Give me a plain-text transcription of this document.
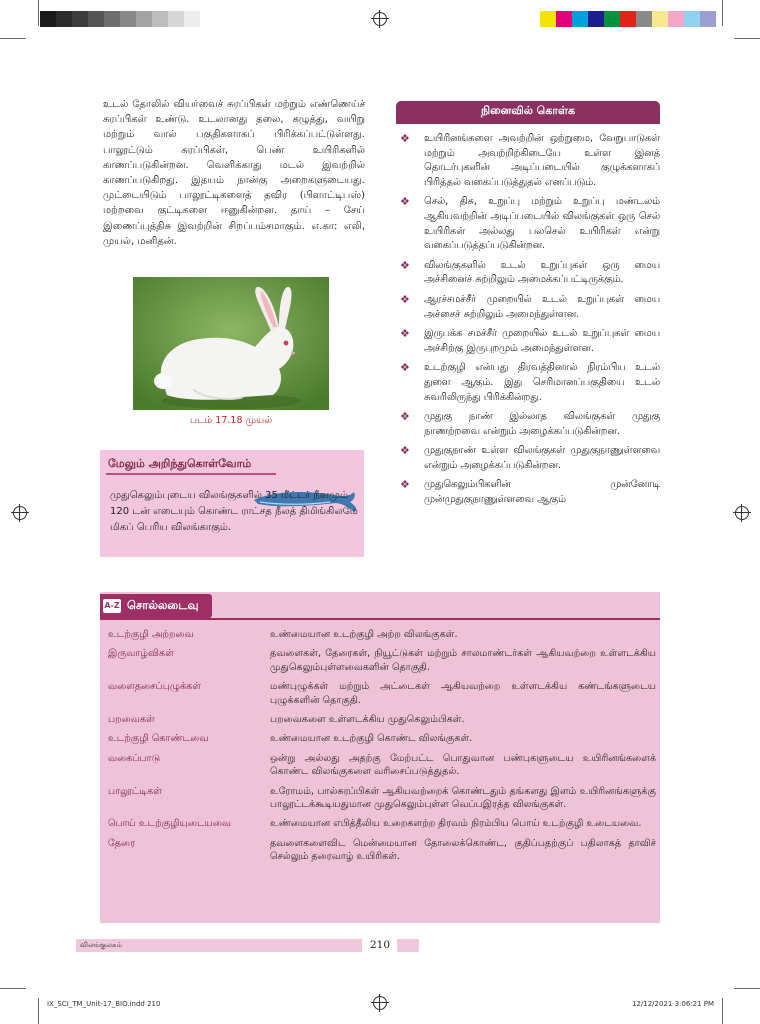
உடல் தோலில் வியர்வைச் சுரப்பிகள் மற்றும் எண்ணெய்ச் சுரப்பிகள் உண்டு. உடலானது தலை, கழுத்து, வயிறு மற்றும் வால் பகுதிகளாகப் பிரிக்கப்பட்டுள்ளது. பாலூட்டும் சுரப்பிகள், பெண் உயிரிகளில் காணப்படுகின்றன. வெளிக்காது மடல் இவற்றில் காணப்படுகிறது. இதயம் நான்கு அறைகளுடையது. முட்டையிடும் பாலூட்டிகளைத் தவிர (பிளாட்டிபஸ்) மற்றவை குட்டிகளை ஈனுகின்றன. தாய் – சேய் இணைப்புத்திசு இவற்றின் சிறப்பம்சமாகும். எ.கா: எலி, முயல், மனிதன்.
படம் 17.18 முயல்
மேலும் அறிந்துகொள்வோம்
முதுகெலும்புடைய விலங்குகளில் 35 மீட்டர் நீளமும் 120 டன் எடையும் கொண்ட ராட்சத நீலத் திமிங்கிலமே மிகப் பெரிய விலங்காகும்.
நினைவில் கொள்க
❖ உயிரினங்களை அவற்றின் ஒற்றுமை, வேறுபாடுகள் மற்றும் அவற்றிற்கிடையே உள்ள இனத் தொடர்புகளின் அடிப்படையில் குழுக்களாகப் பிரித்தல் வகைப்படுத்துதல் எனப்படும்.
❖ செல், திசு, உறுப்பு மற்றும் உறுப்பு மண்டலம் ஆகியவற்றின் அடிப்படையில் விலங்குகள் ஒரு செல் உயிரிகள் அல்லது பலசெல் உயிரிகள் என்று வகைப்படுத்தப்படுகின்றன.
❖ விலங்குகளில் உடல் உறுப்புகள் ஒரு மைய அச்சினைச் சுற்றிலும் அமைக்கப்பட்டிருக்கும்.
❖ ஆரச்சமச்சீர் முறையில் உடல் உறுப்புகள் மைய அச்சைச் சுற்றிலும் அமைந்துள்ளன.
❖ இருபக்க சமச்சீர் முறையில் உடல் உறுப்புகள் மைய அச்சிற்கு இருபுறமும் அமைந்துள்ளன.
❖ உடற்குழி என்பது திரவத்தினால் நிரம்பிய உடல் துளை ஆகும். இது செரிமானப்பகுதியை உடல் சுவரிலிருந்து பிரிக்கின்றது.
❖ முதுகு நாண் இல்லாத விலங்குகள் முதுகு நாணற்றவை என்றும் அழைக்கப்படுகின்றன.
❖ முதுகுநாண் உள்ள விலங்குகள் முதுகுநாணுள்ளவை என்றும் அழைக்கப்படுகின்றன.
❖ முதுகெலும்பிகளின் முன்னோடி முன்முதுகுநாணுள்ளவை ஆகும்
A-Z சொல்லடைவு
உடற்குழி அற்றவை	உண்மையான உடற்குழி அற்ற விலங்குகள்.
இருவாழ்விகள்	தவளைகள், தேரைகள், நியூட்டுகள் மற்றும் சாலமாண்டர்கள் ஆகியவற்றை உள்ளடக்கிய முதுகெலும்புள்ளவைகளின் தொகுதி.
வளைதசைப்புழுக்கள்	மண்புழுக்கள் மற்றும் அட்டைகள் ஆகியவற்றை உள்ளடக்கிய கண்டங்களுடைய புழுக்களின் தொகுதி.
பறவைகள்	பறவைகளை உள்ளடக்கிய முதுகெலும்பிகள்.
உடற்குழி கொண்டவை	உண்மையான உடற்குழி கொண்ட விலங்குகள்.
வகைப்பாடு	ஒன்று அல்லது அதற்கு மேற்பட்ட பொதுவான பண்புகளுடைய உயிரினங்களைக் கொண்ட விலங்குகளை வரிசைப்படுத்துதல்.
பாலூட்டிகள்	உரோமம், பால்சுரப்பிகள் ஆகியவற்றைக் கொண்டதும் தங்களது இளம் உயிரினங்களுக்கு பாலூட்டக்கூடியதுமான முதுகெலும்புள்ள வெப்பஇரத்த விலங்குகள்.
பொய் உடற்குழியுடையவை	உண்மையான எபித்தீலிய உறைகளற்ற திரவம் நிரம்பிய பொய் உடற்குழி உடையவை.
தேரை	தவளைகளைவிட மென்மையான தோலைக்கொண்ட, குதிப்பதற்குப் பதிலாகத் தாவிச் செல்லும் தரைவாழ் உயிரிகள்.
விலங்குலகம்	210
IX_SCI_TM_Unit-17_BIO.indd 210	12/12/2021 3:06:21 PM
